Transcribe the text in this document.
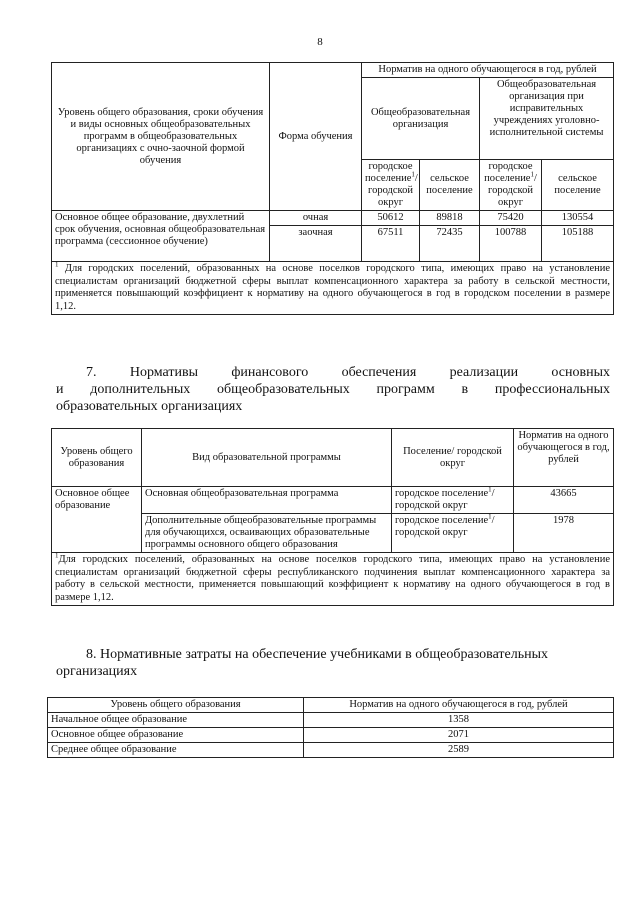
8
Уровень общего образования, сроки обучения и виды основных общеобразовательных программ в общеобразовательных организациях с очно-заочной формой обучения	Форма обучения	Норматив на одного обучающегося в год, рублей			
		Общеобразовательная организация		Общеобразовательная организация при исправительных учреждениях уголовно-исполнительной системы	
		городское поселение$^1$/ городской округ	сельское поселение	городское поселение$^1$/ городской округ	сельское поселение
Основное общее образование, двухлетний срок обучения, основная общеобразовательная программа (сессионное обучение)	очная	50612	89818	75420	130554
	заочная	67511	72435	100788	105188
$^1$ Для городских поселений, образованных на основе поселков городского типа, имеющих право на установление специалистам организаций бюджетной сферы выплат компенсационного характера за работу в сельской местности, применяется повышающий коэффициент к нормативу на одного обучающегося в год в городском поселении в размере 1,12.					
7. Нормативы финансового обеспечения реализации основных
и дополнительных общеобразовательных программ в профессиональных
образовательных организациях
Уровень общего образования	Вид образовательной программы	Поселение/ городской округ	Норматив на одного обучающегося в год, рублей
Основное общее образование	Основная общеобразовательная программа	городское поселение$^1$/ городской округ	43665
	Дополнительные общеобразовательные программы для обучающихся, осваивающих образовательные программы основного общего образования	городское поселение$^1$/ городской округ	1978
$^1$Для городских поселений, образованных на основе поселков городского типа, имеющих право на установление специалистам организаций бюджетной сферы республиканского подчинения выплат компенсационного характера за работу в сельской местности, применяется повышающий коэффициент к нормативу на одного обучающегося в год в размере 1,12.			
8. Нормативные затраты на обеспечение учебниками в общеобразовательных
организациях
Уровень общего образования	Норматив на одного обучающегося в год, рублей
Начальное общее образование	1358
Основное общее образование	2071
Среднее общее образование	2589
